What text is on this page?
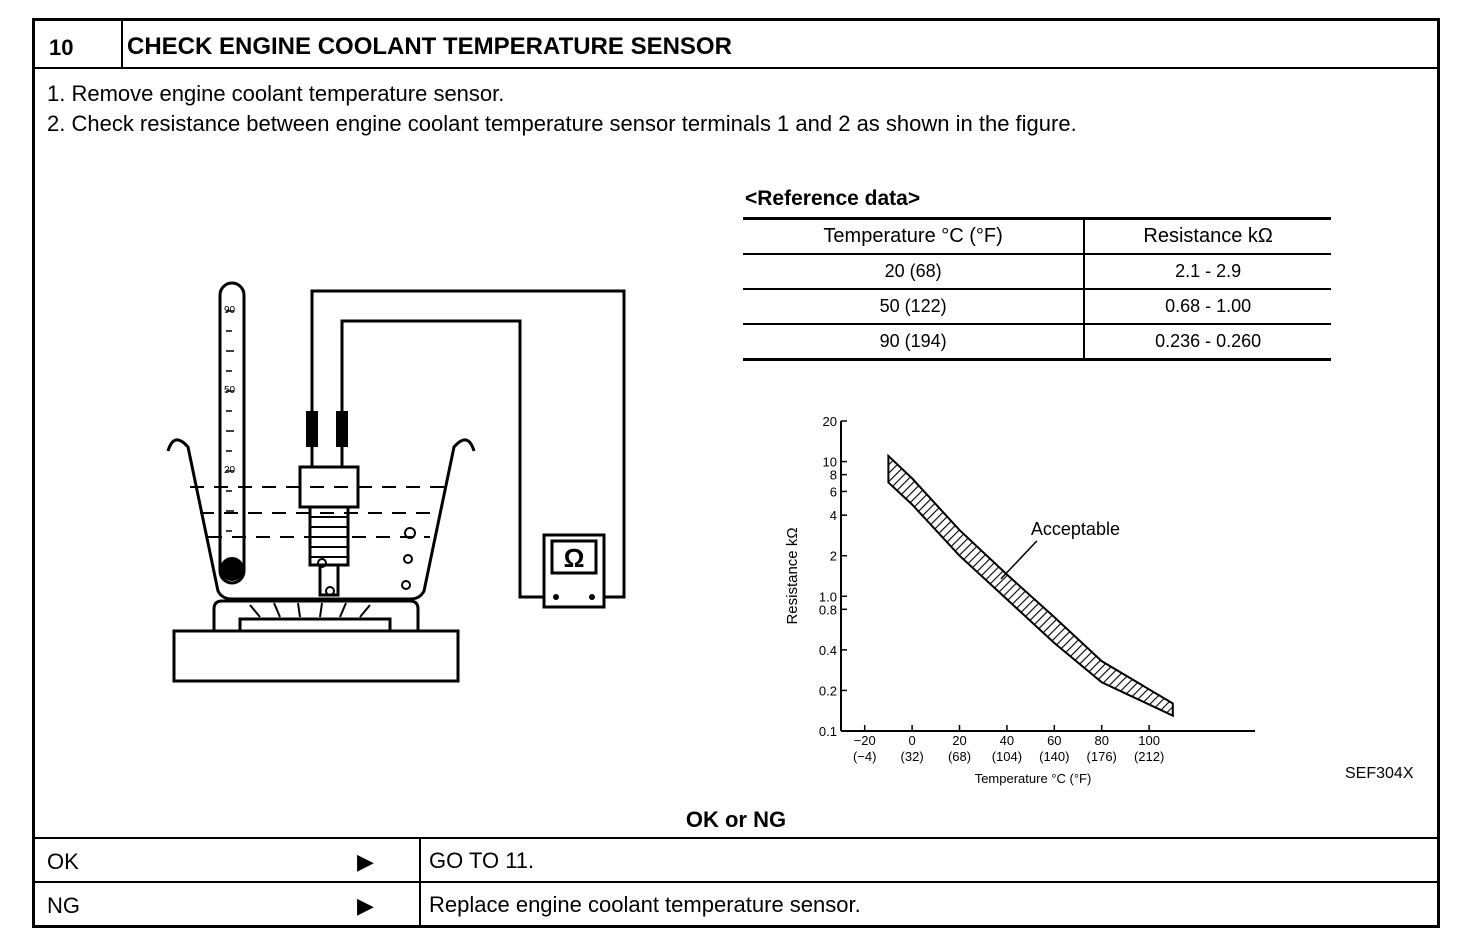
10	CHECK ENGINE COOLANT TEMPERATURE SENSOR
1. Remove engine coolant temperature sensor.
2. Check resistance between engine coolant temperature sensor terminals 1 and 2 as shown in the figure.
90
50
20
Ω
<Reference data>
Temperature °C (°F)	Resistance kΩ
20 (68)	2.1 - 2.9
50 (122)	0.68 - 1.00
90 (194)	0.236 - 0.260
0.1
0.2
0.4
0.8
1.0
2
4
6
8
10
20
−20
(−4)
0
(32)
20
(68)
40
(104)
60
(140)
80
(176)
100
(212)
Temperature °C (°F)
Resistance kΩ	Acceptable
SEF304X
OK or NG
OK	▶	GO TO 11.
NG	▶	Replace engine coolant temperature sensor.
